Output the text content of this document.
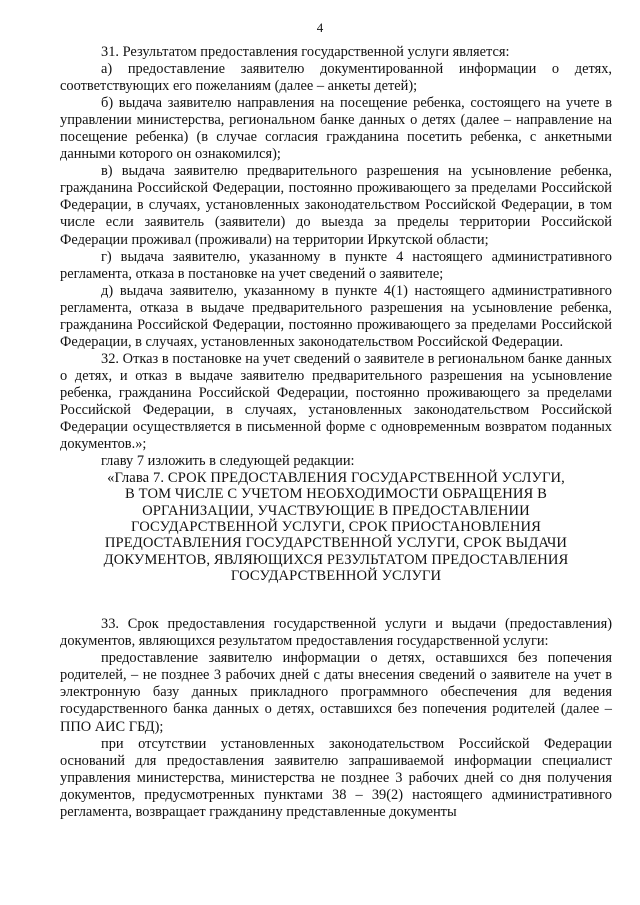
4

31. Результатом предоставления государственной услуги является:

а) предоставление заявителю документированной информации о детях, соответствующих его пожеланиям (далее – анкеты детей);

б) выдача заявителю направления на посещение ребенка, состоящего на учете в управлении министерства, региональном банке данных о детях (далее – направление на посещение ребенка) (в случае согласия гражданина посетить ребенка, с анкетными данными которого он ознакомился);

в) выдача заявителю предварительного разрешения на усыновление ребенка, гражданина Российской Федерации, постоянно проживающего за пределами Российской Федерации, в случаях, установленных законодательством Российской Федерации, в том числе если заявитель (заявители) до выезда за пределы территории Российской Федерации проживал (проживали) на территории Иркутской области;

г) выдача заявителю, указанному в пункте 4 настоящего административного регламента, отказа в постановке на учет сведений о заявителе;

д) выдача заявителю, указанному в пункте 4(1) настоящего административного регламента, отказа в выдаче предварительного разрешения на усыновление ребенка, гражданина Российской Федерации, постоянно проживающего за пределами Российской Федерации, в случаях, установленных законодательством Российской Федерации.

32. Отказ в постановке на учет сведений о заявителе в региональном банке данных о детях, и отказ в выдаче заявителю предварительного разрешения на усыновление ребенка, гражданина Российской Федерации, постоянно проживающего за пределами Российской Федерации, в случаях, установленных законодательством Российской Федерации осуществляется в письменной форме с одновременным возвратом поданных документов.»;

главу 7 изложить в следующей редакции:

«Глава 7. СРОК ПРЕДОСТАВЛЕНИЯ ГОСУДАРСТВЕННОЙ УСЛУГИ,
В ТОМ ЧИСЛЕ С УЧЕТОМ НЕОБХОДИМОСТИ ОБРАЩЕНИЯ В
ОРГАНИЗАЦИИ, УЧАСТВУЮЩИЕ В ПРЕДОСТАВЛЕНИИ
ГОСУДАРСТВЕННОЙ УСЛУГИ, СРОК ПРИОСТАНОВЛЕНИЯ
ПРЕДОСТАВЛЕНИЯ ГОСУДАРСТВЕННОЙ УСЛУГИ, СРОК ВЫДАЧИ
ДОКУМЕНТОВ, ЯВЛЯЮЩИХСЯ РЕЗУЛЬТАТОМ ПРЕДОСТАВЛЕНИЯ
ГОСУДАРСТВЕННОЙ УСЛУГИ

33. Срок предоставления государственной услуги и выдачи (предоставления) документов, являющихся результатом предоставления государственной услуги:

предоставление заявителю информации о детях, оставшихся без попечения родителей, – не позднее 3 рабочих дней с даты внесения сведений о заявителе на учет в электронную базу данных прикладного программного обеспечения для ведения государственного банка данных о детях, оставшихся без попечения родителей (далее – ППО АИС ГБД);

при отсутствии установленных законодательством Российской Федерации оснований для предоставления заявителю запрашиваемой информации специалист управления министерства, министерства не позднее 3 рабочих дней со дня получения документов, предусмотренных пунктами 38 – 39(2) настоящего административного регламента, возвращает гражданину представленные документы
